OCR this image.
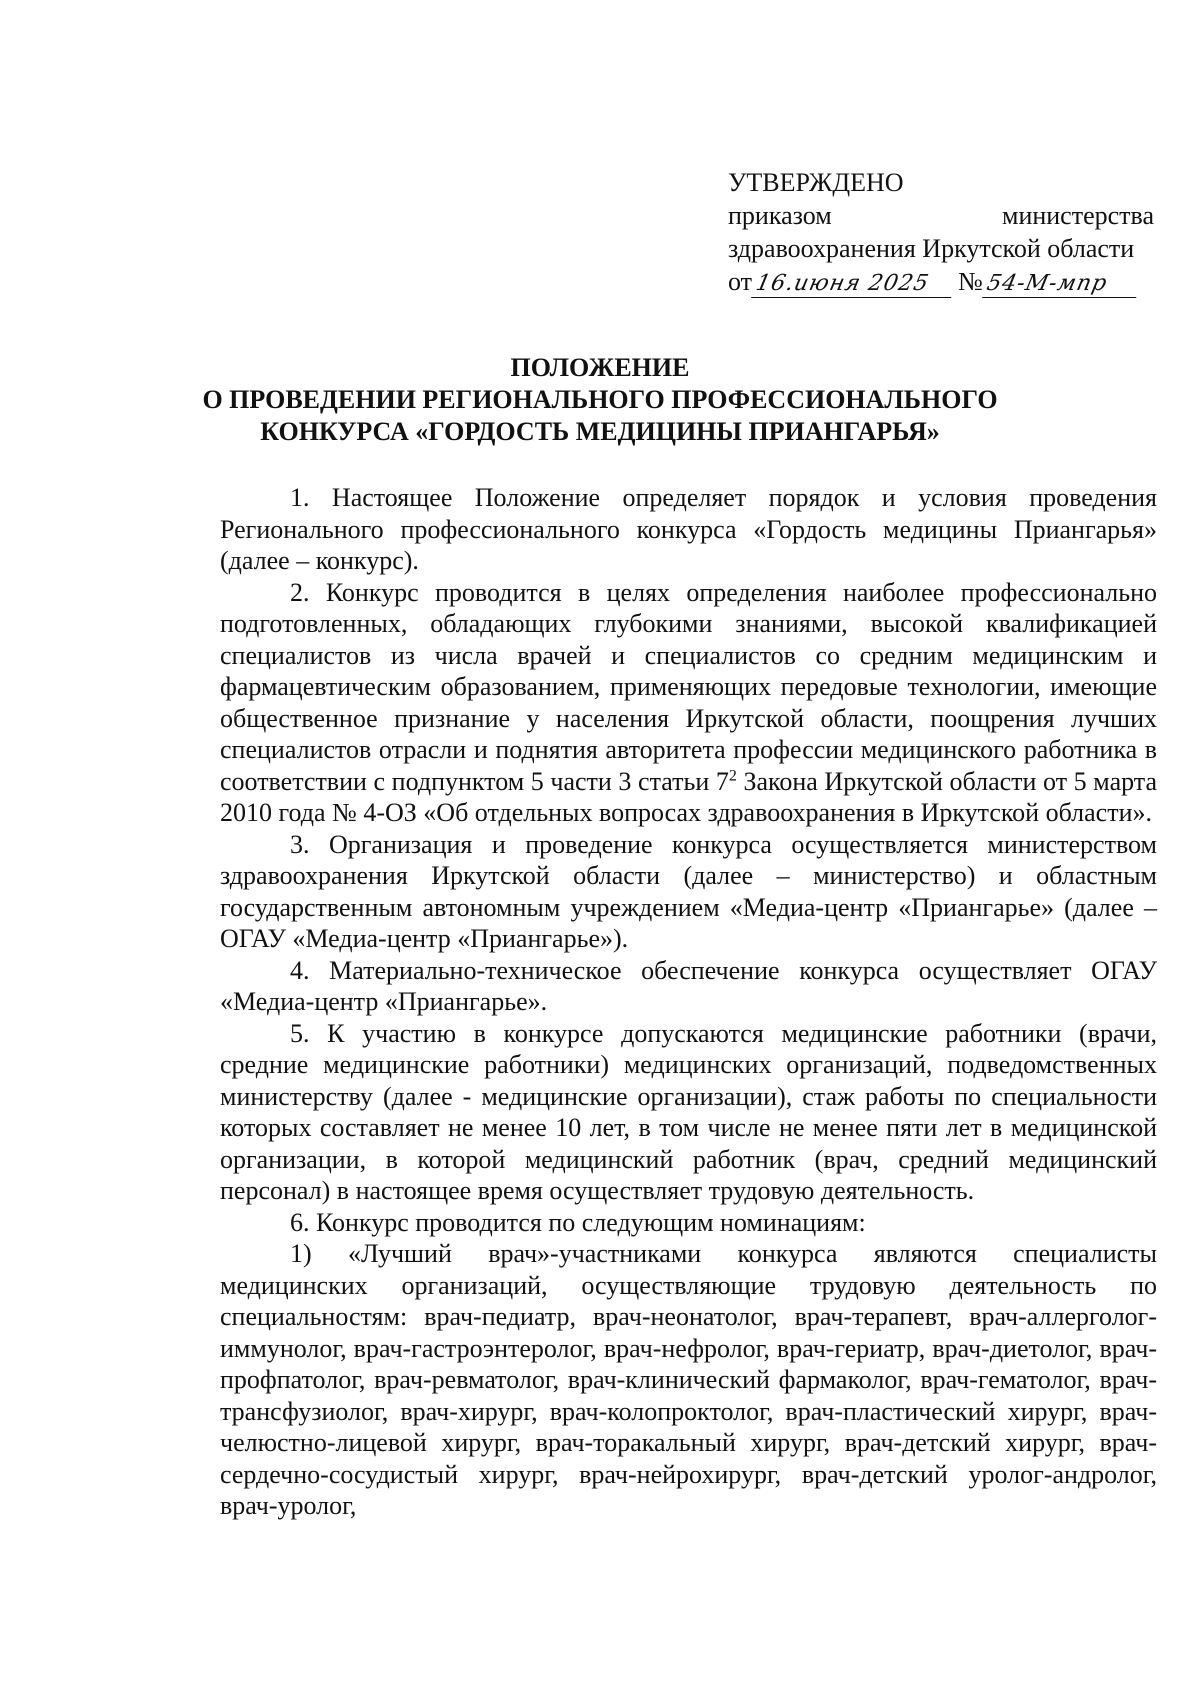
УТВЕРЖДЕНО
приказом	министерства
здравоохранения Иркутской области
от 16.июня 2025	№ 54-М-мпр
ПОЛОЖЕНИЕ
О ПРОВЕДЕНИИ РЕГИОНАЛЬНОГО ПРОФЕССИОНАЛЬНОГО
КОНКУРСА «ГОРДОСТЬ МЕДИЦИНЫ ПРИАНГАРЬЯ»

1. Настоящее Положение определяет порядок и условия проведения Регионального профессионального конкурса «Гордость медицины Приангарья» (далее – конкурс).

2. Конкурс проводится в целях определения наиболее профессионально подготовленных, обладающих глубокими знаниями, высокой квалификацией специалистов из числа врачей и специалистов со средним медицинским и фармацевтическим образованием, применяющих передовые технологии, имеющие общественное признание у населения Иркутской области, поощрения лучших специалистов отрасли и поднятия авторитета профессии медицинского работника в соответствии с подпунктом 5 части 3 статьи $7^2$ Закона Иркутской области от 5 марта 2010 года № 4-ОЗ «Об отдельных вопросах здравоохранения в Иркутской области».

3. Организация и проведение конкурса осуществляется министерством здравоохранения Иркутской области (далее – министерство) и областным государственным автономным учреждением «Медиа-центр «Приангарье» (далее – ОГАУ «Медиа-центр «Приангарье»).

4. Материально-техническое обеспечение конкурса осуществляет ОГАУ «Медиа-центр «Приангарье».

5. К участию в конкурсе допускаются медицинские работники (врачи, средние медицинские работники) медицинских организаций, подведомственных министерству (далее - медицинские организации), стаж работы по специальности которых составляет не менее 10 лет, в том числе не менее пяти лет в медицинской организации, в которой медицинский работник (врач, средний медицинский персонал) в настоящее время осуществляет трудовую деятельность.

6. Конкурс проводится по следующим номинациям:

1) «Лучший врач»-участниками конкурса являются специалисты медицинских организаций, осуществляющие трудовую деятельность по специальностям: врач-педиатр, врач-неонатолог, врач-терапевт, врач-аллерголог-иммунолог, врач-гастроэнтеролог, врач-нефролог, врач-гериатр, врач-диетолог, врач-профпатолог, врач-ревматолог, врач-клинический фармаколог, врач-гематолог, врач-трансфузиолог, врач-хирург, врач-колопроктолог, врач-пластический хирург, врач-челюстно-лицевой хирург, врач-торакальный хирург, врач-детский хирург, врач-сердечно-сосудистый хирург, врач-нейрохирург, врач-детский уролог-андролог, врач-уролог,
